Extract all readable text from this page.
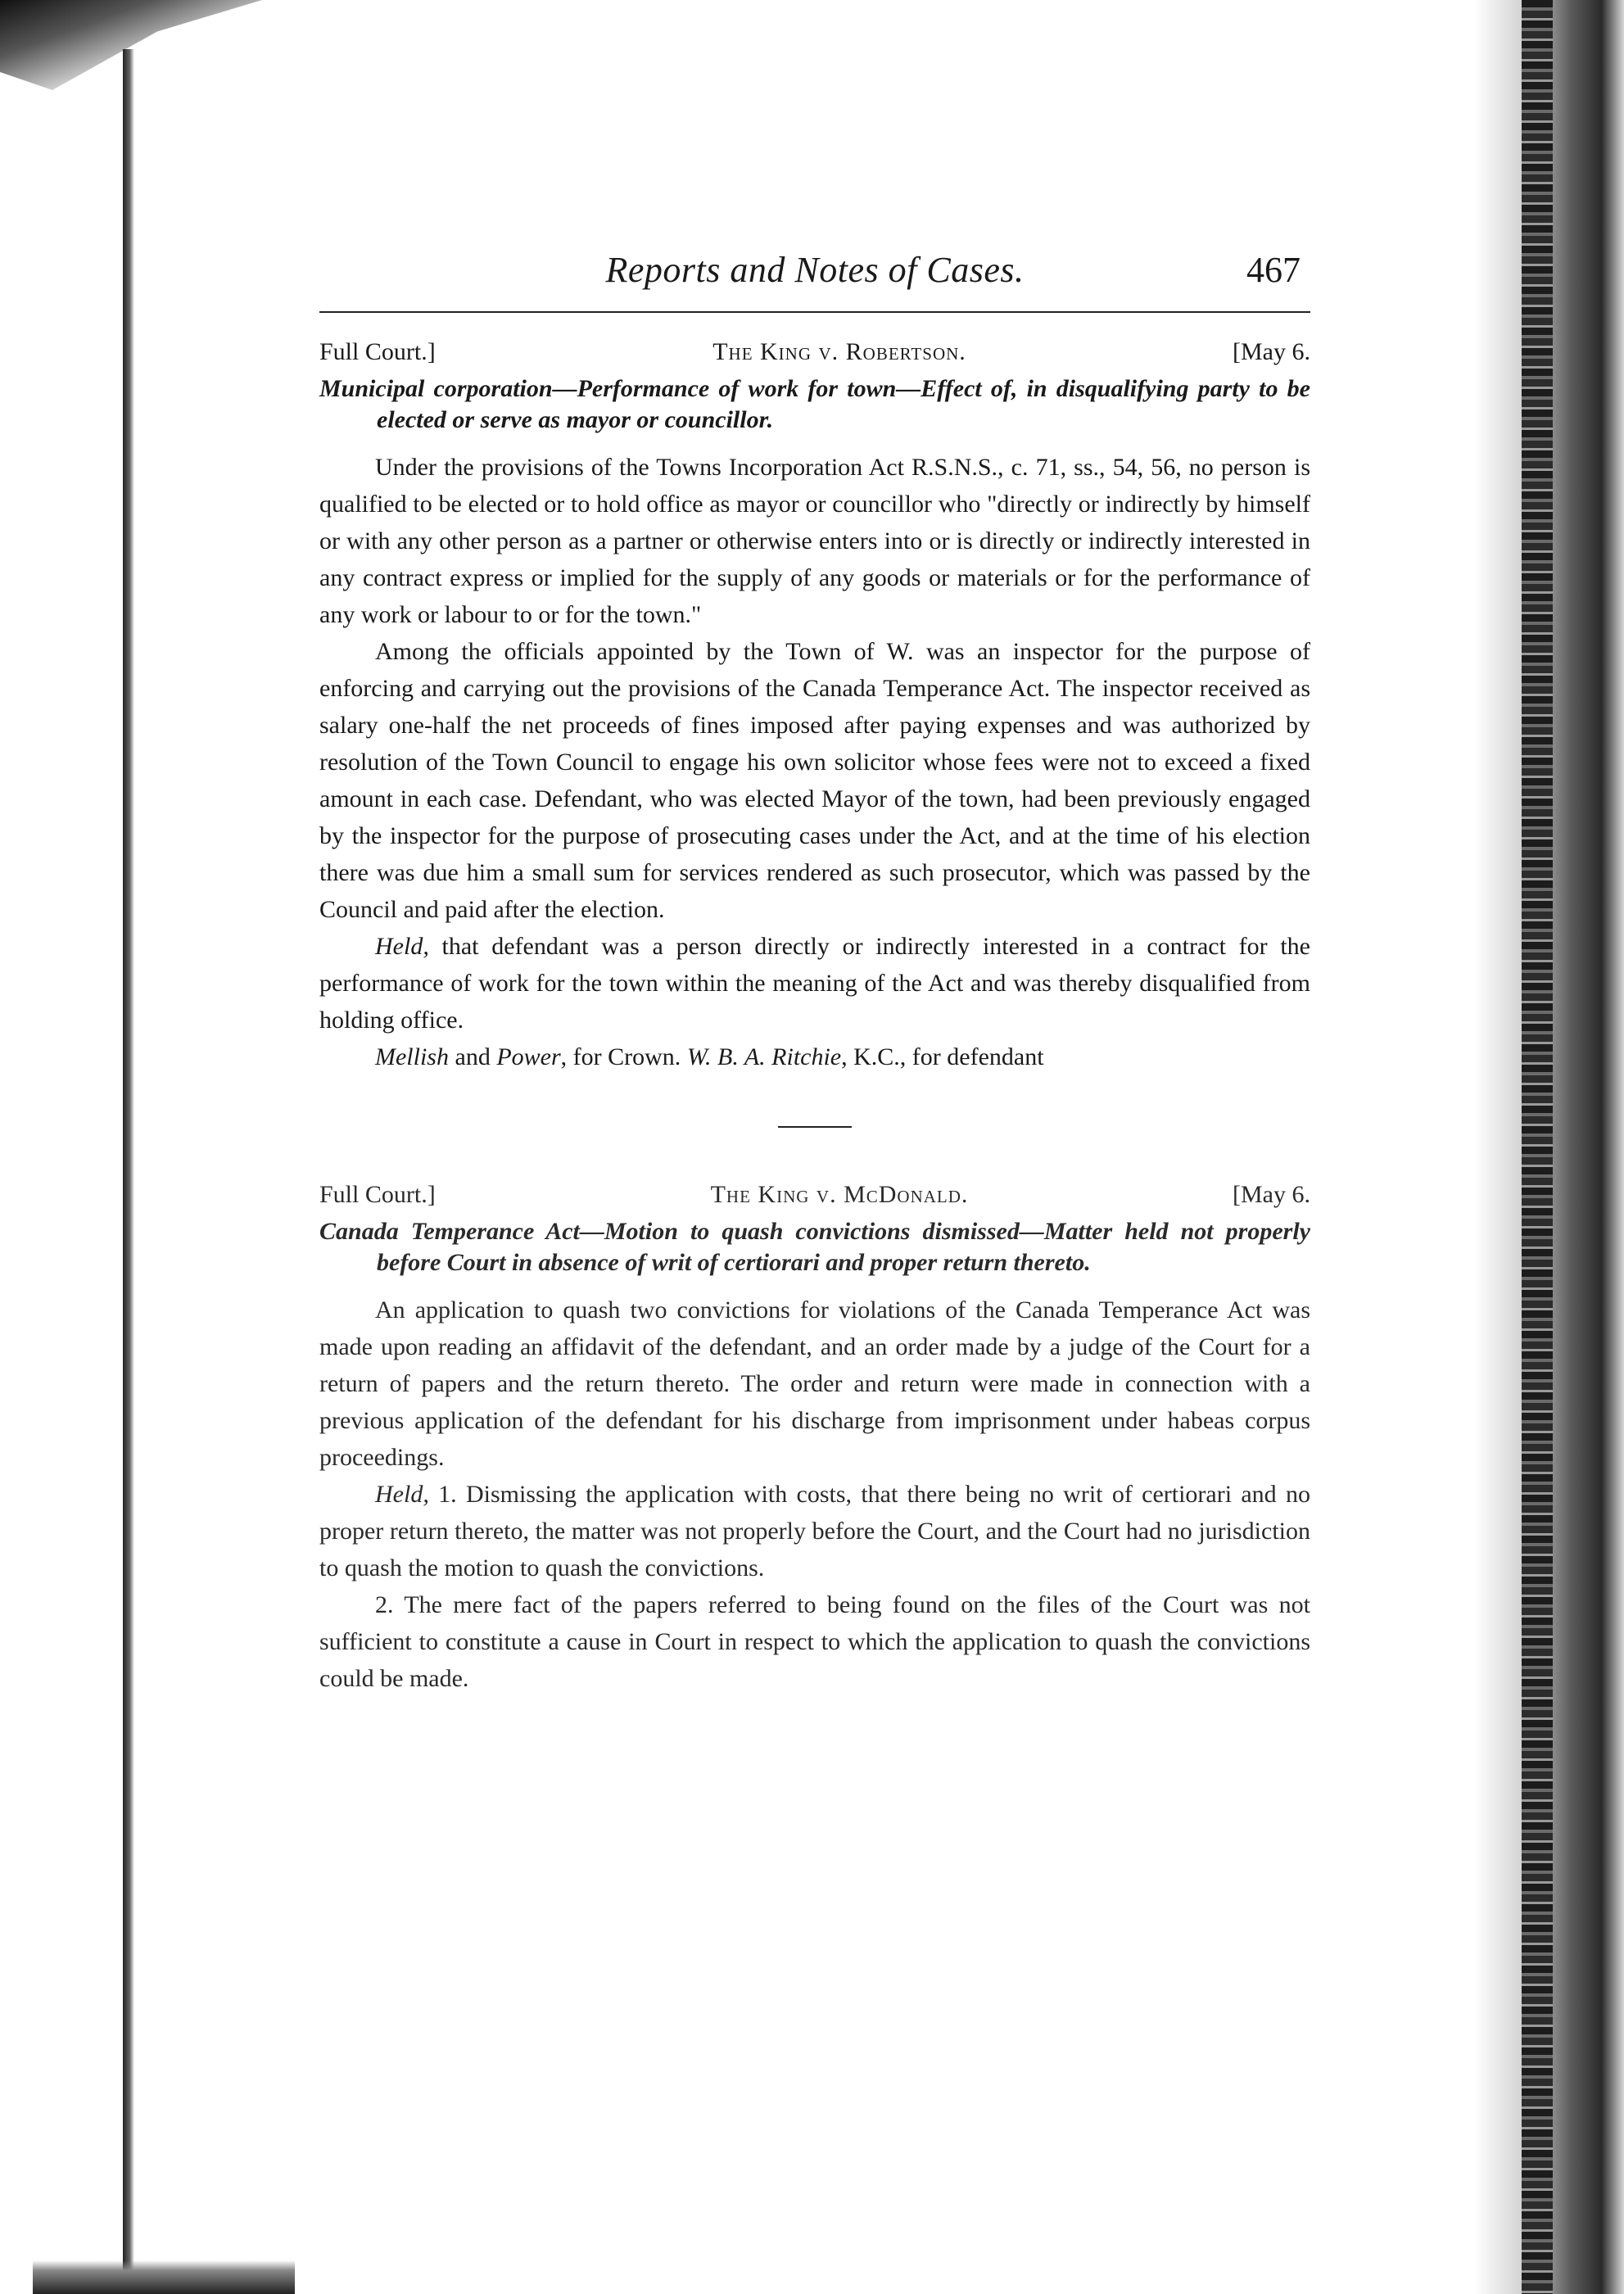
Reports and Notes of Cases.	467
Full Court.]	The King v. Robertson.	[May 6.

Municipal corporation—Performance of work for town—Effect of, in disqualifying party to be elected or serve as mayor or councillor.

Under the provisions of the Towns Incorporation Act R.S.N.S., c. 71, ss., 54, 56, no person is qualified to be elected or to hold office as mayor or councillor who "directly or indirectly by himself or with any other person as a partner or otherwise enters into or is directly or indirectly interested in any contract express or implied for the supply of any goods or materials or for the performance of any work or labour to or for the town."

Among the officials appointed by the Town of W. was an inspector for the purpose of enforcing and carrying out the provisions of the Canada Temperance Act. The inspector received as salary one-half the net proceeds of fines imposed after paying expenses and was authorized by resolution of the Town Council to engage his own solicitor whose fees were not to exceed a fixed amount in each case. Defendant, who was elected Mayor of the town, had been previously engaged by the inspector for the purpose of prosecuting cases under the Act, and at the time of his election there was due him a small sum for services rendered as such prosecutor, which was passed by the Council and paid after the election.

Held, that defendant was a person directly or indirectly interested in a contract for the performance of work for the town within the meaning of the Act and was thereby disqualified from holding office.

Mellish and Power, for Crown. W. B. A. Ritchie, K.C., for defendant

Full Court.]	The King v. McDonald.	[May 6.

Canada Temperance Act—Motion to quash convictions dismissed—Matter held not properly before Court in absence of writ of certiorari and proper return thereto.

An application to quash two convictions for violations of the Canada Temperance Act was made upon reading an affidavit of the defendant, and an order made by a judge of the Court for a return of papers and the return thereto. The order and return were made in connection with a previous application of the defendant for his discharge from imprisonment under habeas corpus proceedings.

Held, 1. Dismissing the application with costs, that there being no writ of certiorari and no proper return thereto, the matter was not properly before the Court, and the Court had no jurisdiction to quash the motion to quash the convictions.

2. The mere fact of the papers referred to being found on the files of the Court was not sufficient to constitute a cause in Court in respect to which the application to quash the convictions could be made.
